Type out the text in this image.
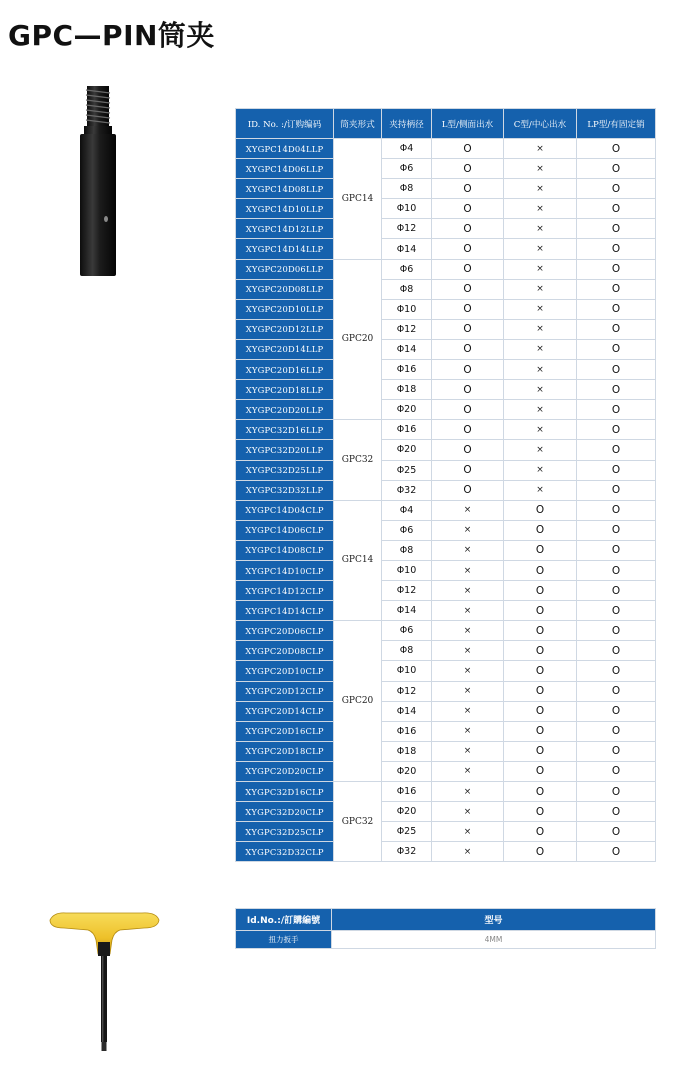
GPC—PIN筒夹
ID. No. :/订购编码	筒夹形式	夹持柄径	L型/侧面出水	C型/中心出水	LP型/有固定销
XYGPC14D04LLP	GPC14	Φ4	O	×	O
XYGPC14D06LLP		Φ6	O	×	O
XYGPC14D08LLP		Φ8	O	×	O
XYGPC14D10LLP		Φ10	O	×	O
XYGPC14D12LLP		Φ12	O	×	O
XYGPC14D14LLP		Φ14	O	×	O
XYGPC20D06LLP	GPC20	Φ6	O	×	O
XYGPC20D08LLP		Φ8	O	×	O
XYGPC20D10LLP		Φ10	O	×	O
XYGPC20D12LLP		Φ12	O	×	O
XYGPC20D14LLP		Φ14	O	×	O
XYGPC20D16LLP		Φ16	O	×	O
XYGPC20D18LLP		Φ18	O	×	O
XYGPC20D20LLP		Φ20	O	×	O
XYGPC32D16LLP	GPC32	Φ16	O	×	O
XYGPC32D20LLP		Φ20	O	×	O
XYGPC32D25LLP		Φ25	O	×	O
XYGPC32D32LLP		Φ32	O	×	O
XYGPC14D04CLP	GPC14	Φ4	×	O	O
XYGPC14D06CLP		Φ6	×	O	O
XYGPC14D08CLP		Φ8	×	O	O
XYGPC14D10CLP		Φ10	×	O	O
XYGPC14D12CLP		Φ12	×	O	O
XYGPC14D14CLP		Φ14	×	O	O
XYGPC20D06CLP	GPC20	Φ6	×	O	O
XYGPC20D08CLP		Φ8	×	O	O
XYGPC20D10CLP		Φ10	×	O	O
XYGPC20D12CLP		Φ12	×	O	O
XYGPC20D14CLP		Φ14	×	O	O
XYGPC20D16CLP		Φ16	×	O	O
XYGPC20D18CLP		Φ18	×	O	O
XYGPC20D20CLP		Φ20	×	O	O
XYGPC32D16CLP	GPC32	Φ16	×	O	O
XYGPC32D20CLP		Φ20	×	O	O
XYGPC32D25CLP		Φ25	×	O	O
XYGPC32D32CLP		Φ32	×	O	O
Id.No.:/訂購編號	型号
扭力扳手	4MM
